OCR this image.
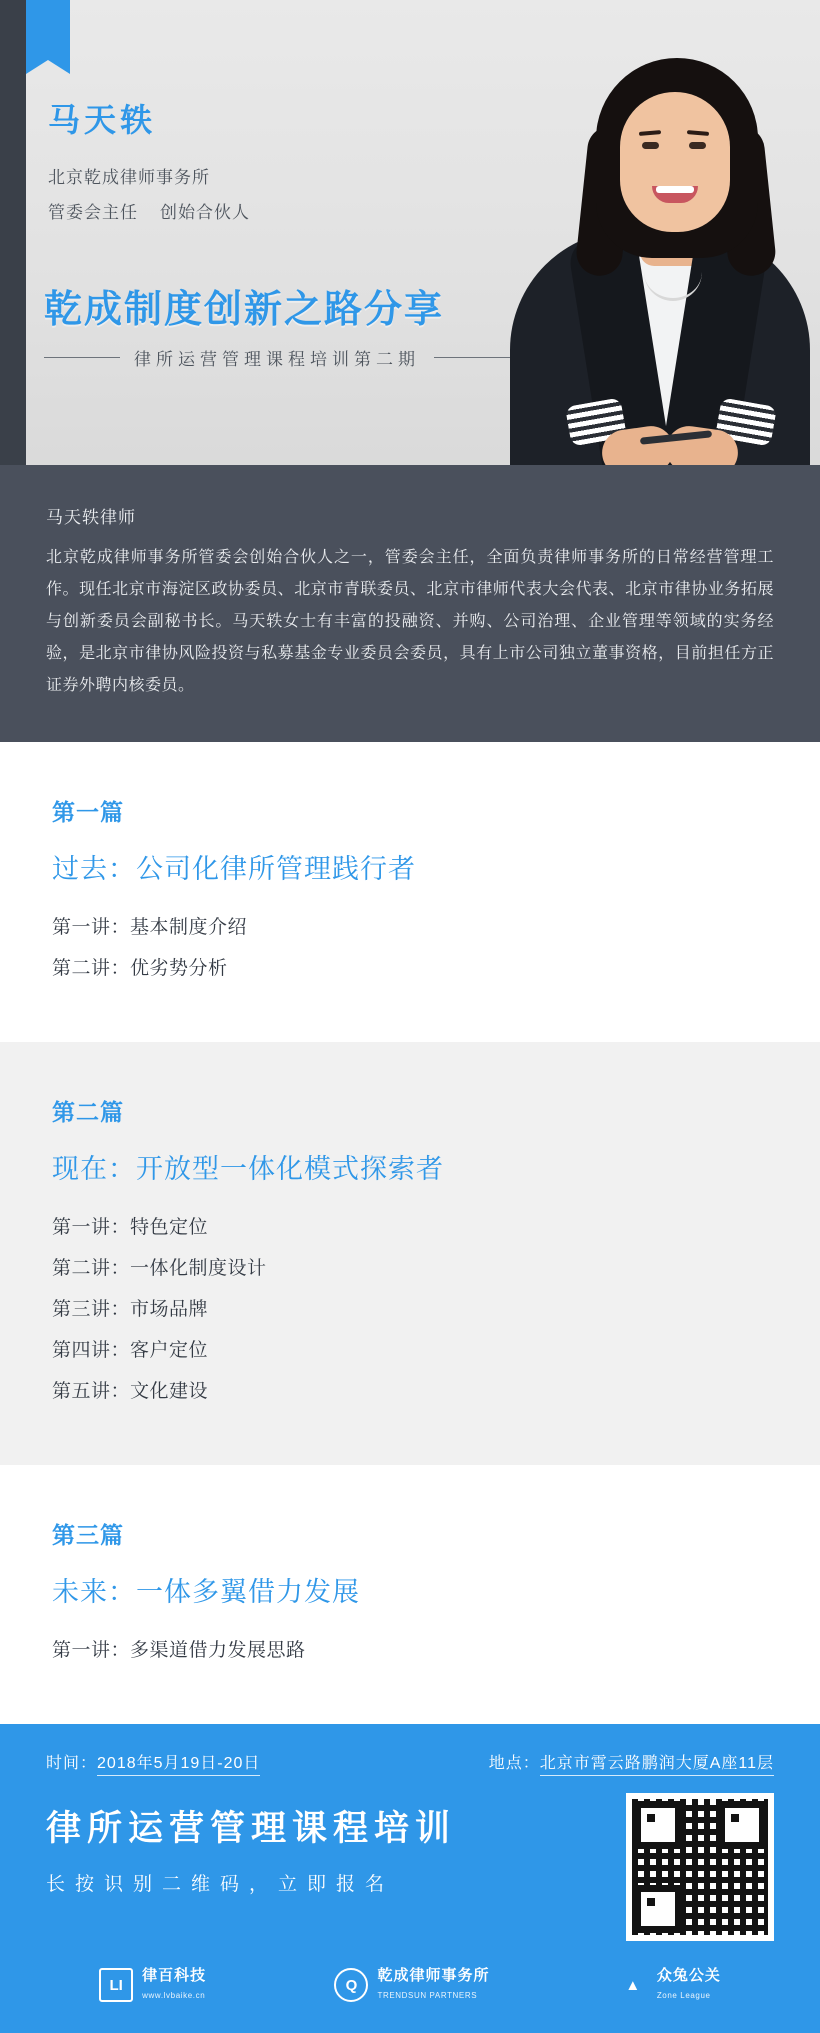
马天轶
北京乾成律师事务所
管委会主任 创始合伙人
乾成制度创新之路分享
律所运营管理课程培训第二期

马天轶律师

北京乾成律师事务所管委会创始合伙人之一，管委会主任，全面负责律师事务所的日常经营管理工作。现任北京市海淀区政协委员、北京市青联委员、北京市律师代表大会代表、北京市律协业务拓展与创新委员会副秘书长。马天轶女士有丰富的投融资、并购、公司治理、企业管理等领域的实务经验，是北京市律协风险投资与私募基金专业委员会委员，具有上市公司独立董事资格，目前担任方正证券外聘内核委员。

第一篇

过去：公司化律所管理践行者

第一讲：基本制度介绍

第二讲：优劣势分析

第二篇

现在：开放型一体化模式探索者

第一讲：特色定位

第二讲：一体化制度设计

第三讲：市场品牌

第四讲：客户定位

第五讲：文化建设

第三篇

未来：一体多翼借力发展

第一讲：多渠道借力发展思路

时间：2018年5月19日-20日	地点：北京市霄云路鹏润大厦A座11层

律所运营管理课程培训

长按识别二维码，立即报名

LI
律百科技
www.lvbaike.cn
Q
乾成律师事务所
TRENDSUN PARTNERS
▲
众兔公关
Zone League
